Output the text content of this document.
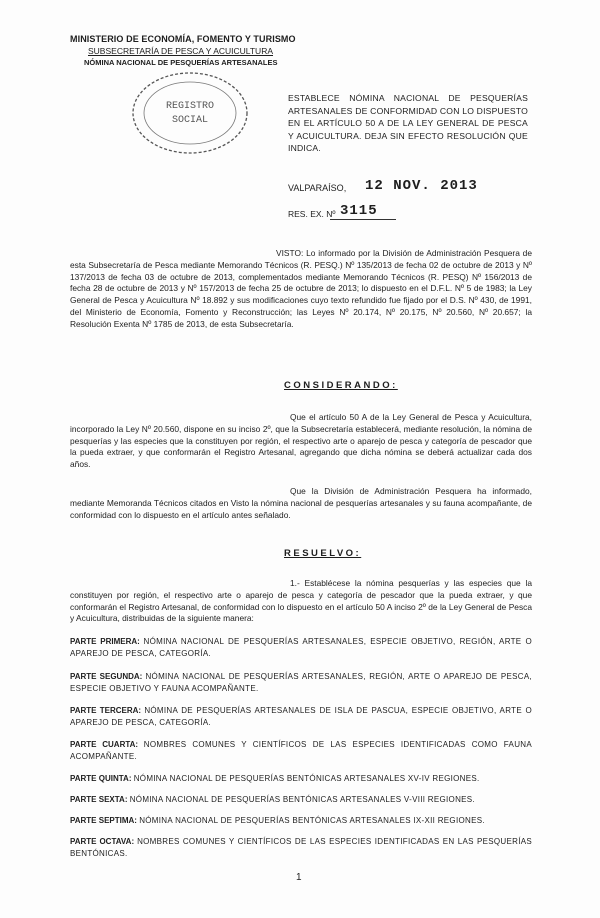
MINISTERIO DE ECONOMÍA, FOMENTO Y TURISMO
SUBSECRETARÍA DE PESCA Y ACUICULTURA
NÓMINA NACIONAL DE PESQUERÍAS ARTESANALES
REGISTRO
SOCIAL
ESTABLECE NÓMINA NACIONAL DE PESQUERÍAS ARTESANALES DE CONFORMIDAD CON LO DISPUESTO EN EL ARTÍCULO 50 A DE LA LEY GENERAL DE PESCA Y ACUICULTURA. DEJA SIN EFECTO RESOLUCIÓN QUE INDICA.
VALPARAÍSO, 12 NOV. 2013
RES. EX. Nº 3115
VISTO: Lo informado por la División de Administración Pesquera de esta Subsecretaría de Pesca mediante Memorando Técnicos (R. PESQ.) Nº 135/2013 de fecha 02 de octubre de 2013 y Nº 137/2013 de fecha 03 de octubre de 2013, complementados mediante Memorando Técnicos (R. PESQ) Nº 156/2013 de fecha 28 de octubre de 2013 y Nº 157/2013 de fecha 25 de octubre de 2013; lo dispuesto en el D.F.L. Nº 5 de 1983; la Ley General de Pesca y Acuicultura Nº 18.892 y sus modificaciones cuyo texto refundido fue fijado por el D.S. Nº 430, de 1991, del Ministerio de Economía, Fomento y Reconstrucción; las Leyes Nº 20.174, Nº 20.175, Nº 20.560, Nº 20.657; la Resolución Exenta Nº 1785 de 2013, de esta Subsecretaría.
CONSIDERANDO:
Que el artículo 50 A de la Ley General de Pesca y Acuicultura, incorporado la Ley Nº 20.560, dispone en su inciso 2º, que la Subsecretaría establecerá, mediante resolución, la nómina de pesquerías y las especies que la constituyen por región, el respectivo arte o aparejo de pesca y categoría de pescador que la pueda extraer, y que conformarán el Registro Artesanal, agregando que dicha nómina se deberá actualizar cada dos años.
Que la División de Administración Pesquera ha informado, mediante Memoranda Técnicos citados en Visto la nómina nacional de pesquerías artesanales y su fauna acompañante, de conformidad con lo dispuesto en el artículo antes señalado.
RESUELVO:
1.- Establécese la nómina pesquerías y las especies que la constituyen por región, el respectivo arte o aparejo de pesca y categoría de pescador que la pueda extraer, y que conformarán el Registro Artesanal, de conformidad con lo dispuesto en el artículo 50 A inciso 2º de la Ley General de Pesca y Acuicultura, distribuidas de la siguiente manera:
PARTE PRIMERA: NÓMINA NACIONAL DE PESQUERÍAS ARTESANALES, ESPECIE OBJETIVO, REGIÓN, ARTE O APAREJO DE PESCA, CATEGORÍA.
PARTE SEGUNDA: NÓMINA NACIONAL DE PESQUERÍAS ARTESANALES, REGIÓN, ARTE O APAREJO DE PESCA, ESPECIE OBJETIVO Y FAUNA ACOMPAÑANTE.
PARTE TERCERA: NÓMINA DE PESQUERÍAS ARTESANALES DE ISLA DE PASCUA, ESPECIE OBJETIVO, ARTE O APAREJO DE PESCA, CATEGORÍA.
PARTE CUARTA: NOMBRES COMUNES Y CIENTÍFICOS DE LAS ESPECIES IDENTIFICADAS COMO FAUNA ACOMPAÑANTE.
PARTE QUINTA: NÓMINA NACIONAL DE PESQUERÍAS BENTÓNICAS ARTESANALES XV-IV REGIONES.
PARTE SEXTA: NÓMINA NACIONAL DE PESQUERÍAS BENTÓNICAS ARTESANALES V-VIII REGIONES.
PARTE SEPTIMA: NÓMINA NACIONAL DE PESQUERÍAS BENTÓNICAS ARTESANALES IX-XII REGIONES.
PARTE OCTAVA: NOMBRES COMUNES Y CIENTÍFICOS DE LAS ESPECIES IDENTIFICADAS EN LAS PESQUERÍAS BENTÓNICAS.
1
